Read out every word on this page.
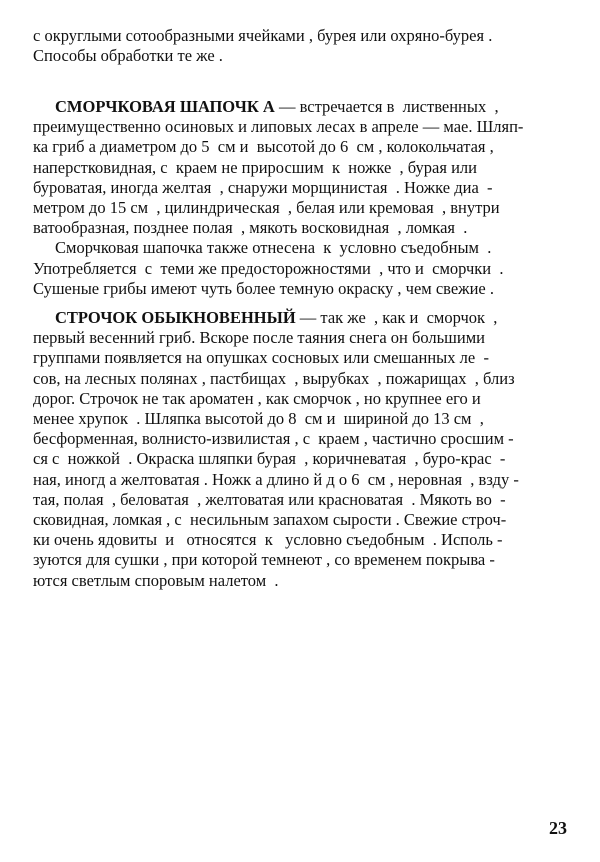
с округлыми сотообразными ячейками , бурея или охряно-бурея .
Способы обработки те же .
СМОРЧКОВАЯ ШАПОЧК А — встречается в  лиственных  ,
преимущественно осиновых и липовых лесах в апреле — мае. Шляп-
ка гриб а диаметром до 5  см и  высотой до 6  см , колокольчатая ,
наперстковидная, с  краем не приросшим  к  ножке  , бурая или
буроватая, иногда желтая  , снаружи морщинистая  . Ножке диа  -
метром до 15 см  , цилиндрическая  , белая или кремовая  , внутри
ватообразная, позднее полая  , мякоть восковидная  , ломкая  .
Сморчковая шапочка также отнесена  к  условно съедобным  .
Употребляется  с  теми же предосторожностями  , что и  сморчки  .
Сушеные грибы имеют чуть более темную окраску , чем свежие .
СТРОЧОК ОБЫКНОВЕННЫЙ — так же  , как и  сморчок  ,
первый весенний гриб. Вскоре после таяния снега он большими
группами появляется на опушках сосновых или смешанных ле  -
сов, на лесных полянах , пастбищах  , вырубках  , пожарищах  , близ
дорог. Строчок не так ароматен , как сморчок , но крупнее его и
менее хрупок  . Шляпка высотой до 8  см и  шириной до 13 см  ,
бесформенная, волнисто-извилистая , с  краем , частично сросшим -
ся с  ножкой  . Окраска шляпки бурая  , коричневатая  , буро-крас  -
ная, иногд а желтоватая . Ножк а длино й д о 6  см , неровная  , взду -
тая, полая  , беловатая  , желтоватая или красноватая  . Мякоть во  -
сковидная, ломкая , с  несильным запахом сырости . Свежие строч-
ки очень ядовиты  и   относятся  к   условно съедобным  . Исполь -
зуются для сушки , при которой темнеют , со временем покрыва -
ются светлым споровым налетом  .
23
